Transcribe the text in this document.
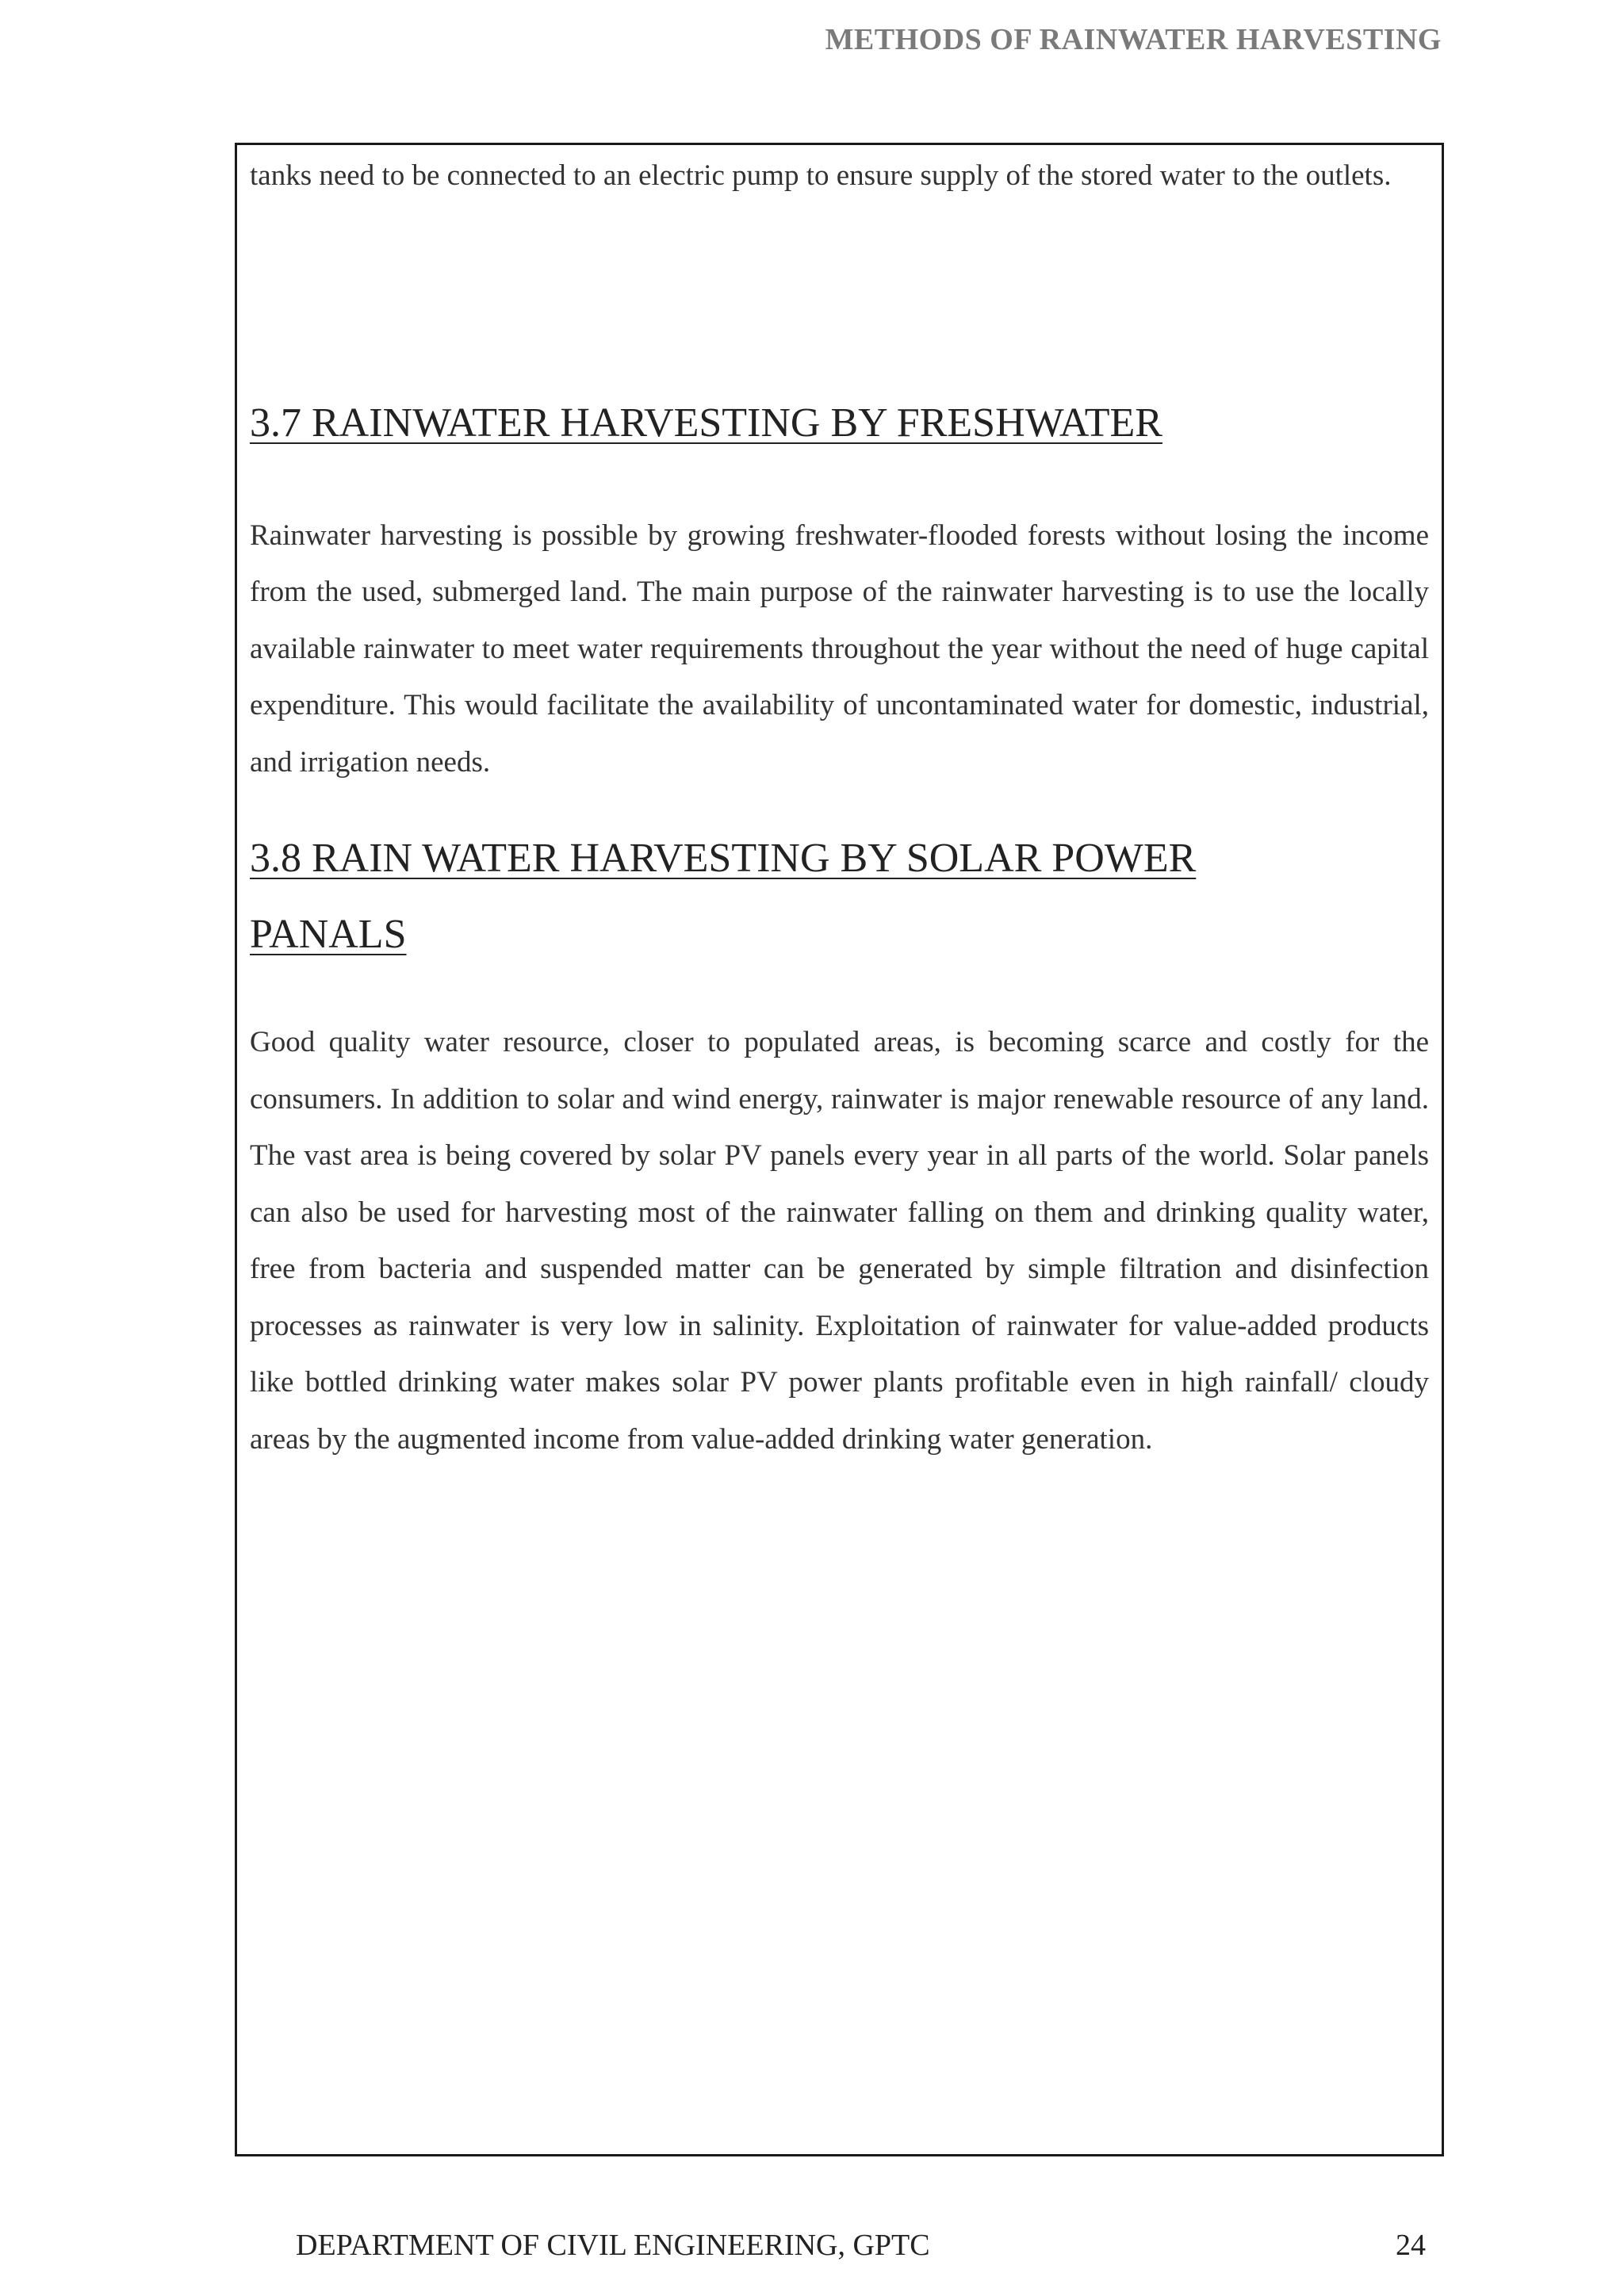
METHODS OF RAINWATER HARVESTING

tanks need to be connected to an electric pump to ensure supply of the stored water to the outlets.

3.7 RAINWATER HARVESTING BY FRESHWATER

Rainwater harvesting is possible by growing freshwater-flooded forests without losing the income from the used, submerged land. The main purpose of the rainwater harvesting is to use the locally available rainwater to meet water requirements throughout the year without the need of huge capital expenditure. This would facilitate the availability of uncontaminated water for domestic, industrial, and irrigation needs.

3.8 RAIN WATER HARVESTING BY SOLAR POWER PANALS

Good quality water resource, closer to populated areas, is becoming scarce and costly for the consumers. In addition to solar and wind energy, rainwater is major renewable resource of any land. The vast area is being covered by solar PV panels every year in all parts of the world. Solar panels can also be used for harvesting most of the rainwater falling on them and drinking quality water, free from bacteria and suspended matter can be generated by simple filtration and disinfection processes as rainwater is very low in salinity. Exploitation of rainwater for value-added products like bottled drinking water makes solar PV power plants profitable even in high rainfall/ cloudy areas by the augmented income from value-added drinking water generation.

DEPARTMENT OF CIVIL ENGINEERING, GPTC	24
